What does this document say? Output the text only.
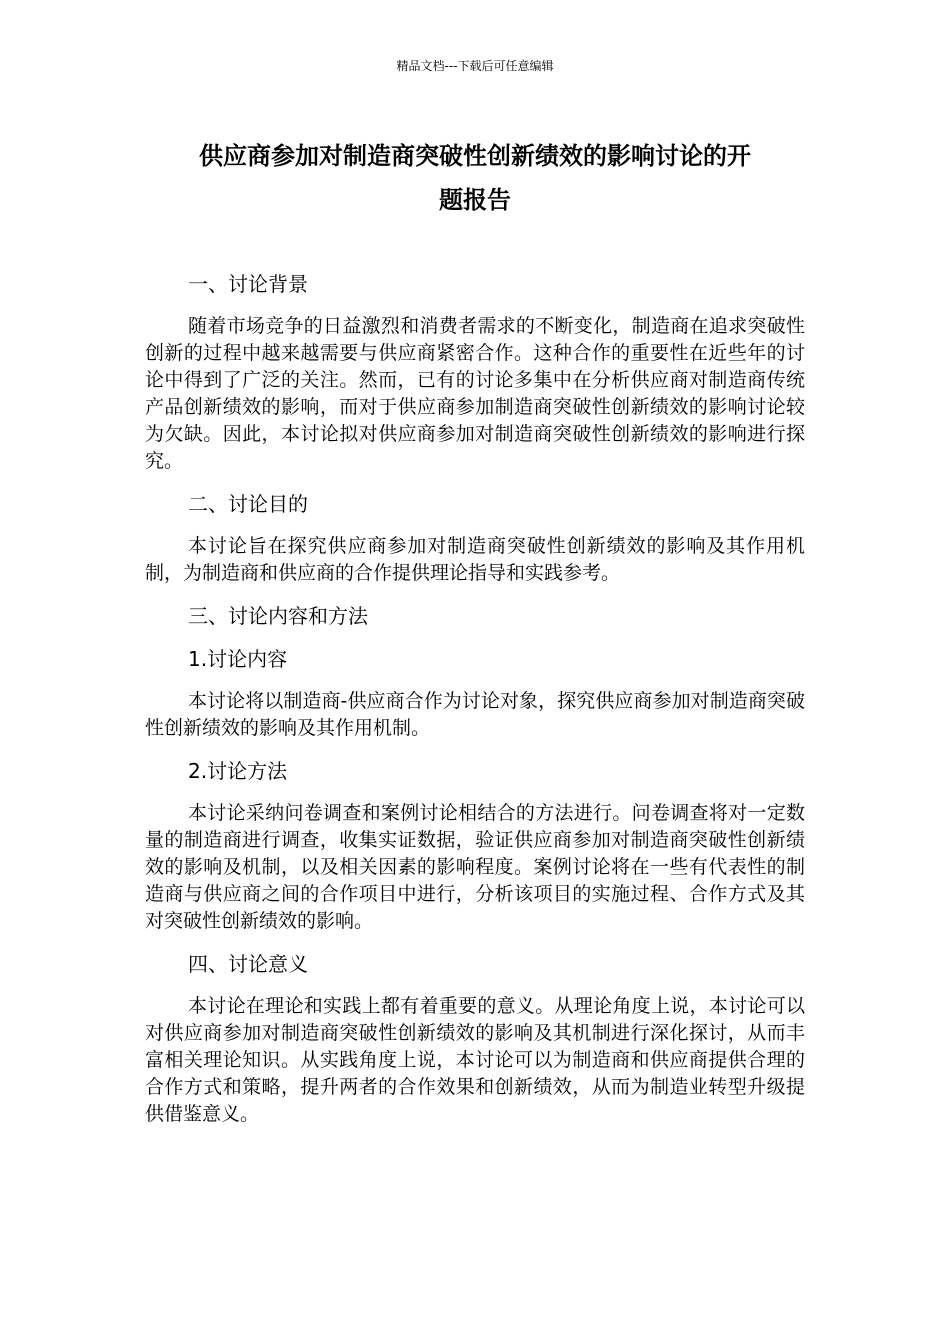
精品文档---下载后可任意编辑
供应商参加对制造商突破性创新绩效的影响讨论的开
题报告

一、讨论背景

随着市场竞争的日益激烈和消费者需求的不断变化，制造商在追求突破性创新的过程中越来越需要与供应商紧密合作。这种合作的重要性在近些年的讨论中得到了广泛的关注。然而，已有的讨论多集中在分析供应商对制造商传统产品创新绩效的影响，而对于供应商参加制造商突破性创新绩效的影响讨论较为欠缺。因此，本讨论拟对供应商参加对制造商突破性创新绩效的影响进行探究。

二、讨论目的

本讨论旨在探究供应商参加对制造商突破性创新绩效的影响及其作用机制，为制造商和供应商的合作提供理论指导和实践参考。

三、讨论内容和方法

1.讨论内容

本讨论将以制造商-供应商合作为讨论对象，探究供应商参加对制造商突破性创新绩效的影响及其作用机制。

2.讨论方法

本讨论采纳问卷调查和案例讨论相结合的方法进行。问卷调查将对一定数量的制造商进行调查，收集实证数据，验证供应商参加对制造商突破性创新绩效的影响及机制，以及相关因素的影响程度。案例讨论将在一些有代表性的制造商与供应商之间的合作项目中进行，分析该项目的实施过程、合作方式及其对突破性创新绩效的影响。

四、讨论意义

本讨论在理论和实践上都有着重要的意义。从理论角度上说，本讨论可以对供应商参加对制造商突破性创新绩效的影响及其机制进行深化探讨，从而丰富相关理论知识。从实践角度上说，本讨论可以为制造商和供应商提供合理的合作方式和策略，提升两者的合作效果和创新绩效，从而为制造业转型升级提供借鉴意义。
